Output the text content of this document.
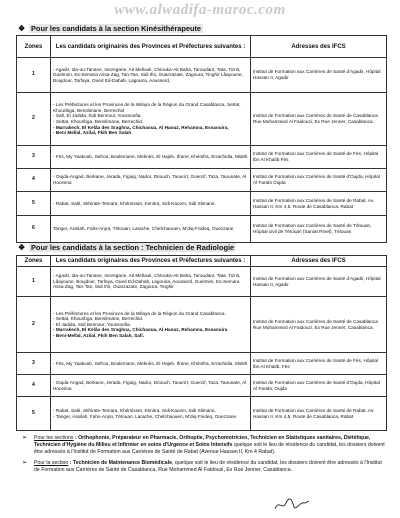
www.alwadifa-maroc.com
❖ Pour les candidats à la section Kinésithérapeute
Zones	Les candidats originaires des Provinces et Préfectures suivantes :	Adresses des IFCS
1	- Agadir, Ida-ou-Tanane, Inezegane, Ait Mellouk, Chtouka-Ait Baha, Taroudant, Tata, Tiznit, Guelmim, Es-Semara Assa-Zag, Tan-Tan, Sidi Ifni, Ouarzazate, Zagoura, Tinghir Lâayoune, Boujdour, Tarfaya, Oued Ed-Dahab, Lagouira, Aousserd,	Institut de Formation aux Carrières de Santé d'Agadir, Hôpital Hassan II, Agadir
2	- Les Préfectures et les Provinces de la Wilaya de la Région du Grand Casablanca, Settat, Khouribga, Benslimane, Berrechid
- Safi, El Jadida, Sidi Bennour, Youssoufia.
- Settat, Khouribga, Benslimane, Berrechid.
- Marrakech, El Kelâa des Sraghna, Chichaoua, Al Haouz, Rehamna, Essaouira,
- Beni Mellal, Azilal, Fkih Ben Salah	Institut de Formation aux Carrières de Santé de Casablanca Rue Mohammed Al Faidouzi, Ex Rue Jenner, Casablanca.
3	- Fès, My Yaakoub, Sefrou, Boulemane, Meknès, El Hajeb, Ifrane, Khénifra, Errachidia, Midelt	Institut de Formation aux Carrières de Santé de Fès, Hôpital Ibn Al Khatib Fès
4	- Oujda-Angad, Berkane, Jerada, Figuig, Nador, Driouch, Taourirt, Guercif, Taza, Taounate, Al Hoceima	Institut de Formation aux Carrières de Santé d'Oujda, Hôpital Al Farabi Oujda
5	- Rabat, Salé, Skhirate-Temara, Khémisset, Kenitra, Sidi-Kacem, Sidi Slimane.	Institut de Formation aux Carrières de Santé de Rabat, Av. Hassan II, Km 4,5, Route de Casablanca, Rabat
6	Tanger, Assilah, Fahs-Anjra, Tétouan, Larache, Chefchaouen, M'diq-Fnideq, Ouezzane	Institut de Formation aux Carrières de Santé de Tétouan, Hôpital civil de Tétouan (Saniat Rmel), Tétouan
❖ Pour les candidats à la section : Technicien de Radiologie
Zones	Les candidats originaires des Provinces et Préfectures suivantes :	Adresses des IFCS
1	- Agadir, Ida-ou-Tanane, Inezegane, Ait Mellouk, Chtouka-Ait Baha, Taroudant, Tata, Tiznit, Lâayoune, Boujdour, Tarfaya, Oued Ed-Dahab, Lagouira, Aousserd, Guelmim, Es-Semara Assa-Zag, Tan-Tan, Sidi Ifni, Ouarzazate, Zagoura, Tinghir	Institut de Formation aux Carrières de Santé d'Agadir, Hôpital Hassan II, Agadir
2	- Les Préfectures et les Provinces de la Wilaya de la Région du Grand Casablanca.
- Settat, Khouribga, Benslimane, Berrechid.
- El Jadida, Sidi Bennour, Youssoufia.
- Marrakech, El Kelâa des Sraghna, Chichaoua, Al Haouz, Rehamna, Essaouira
- Beni-Mellal, Azilal, Fkih Ben Salah, Safi.	Institut de Formation aux Carrières de Santé de Casablanca Rue Mohammed Al Faidouzi, Ex Rue Jenner, Casablanca.
3	- Fès, My Yaakoub, Sefrou, Boulemane, Meknès, El Hajeb, Ifrane, Khénifra, Errachidia, Midelt	Institut de Formation aux Carrières de Santé de Fès, Hôpital Ibn Al Khatib, Fès
4	- Oujda-Angad, Berkane, Jerada, Figuig, Nador, Driouch, Taourirt, Guercif, Taza, Taounate, Al Hoceima	Institut de Formation aux Carrières de Santé d'Oujda, Hôpital Al Farabi, Oujda
5	- Rabat, Salé, Skhirate-Temara, Khémisset, Kenitra, Sidi-Kacem, Sidi Slimane,
- Tanger, Assilah, Fahs-Anjra, Tétouan, Larache, Chefchaouen, M'diq-Fnideq, Ouezzane	Institut de Formation aux Carrières de Santé de Rabat, Av. Hassan II, Km 4,5, Route de Casablanca, Rabat

➢ Pour les sections : Orthophonie, Préparateur en Pharmacie, Orthoptie, Psychomotricien, Technicien en Statistiques sanitaires, Diététique, Technicien d'Hygiène du Milieu et Infirmier en soins d'Urgence et Soins Intensifs quelque soit le lieu de résidence du candidat, les dossiers doivent être adressés à l'Institut de Formation aux Carrières de Santé de Rabat (Avenue Hassan II, Km 4 Rabat).

➢ Pour la section : Technicien de Maintenance Biomédicale, quelque soit le lieu de résidence du candidat, les dossiers doivent être adressés à l'Institut de Formation aux Carrières de Santé de Casablanca, Rue Mohammed Al Faidouzi, Ex Rue Jenner, Casablanca.
